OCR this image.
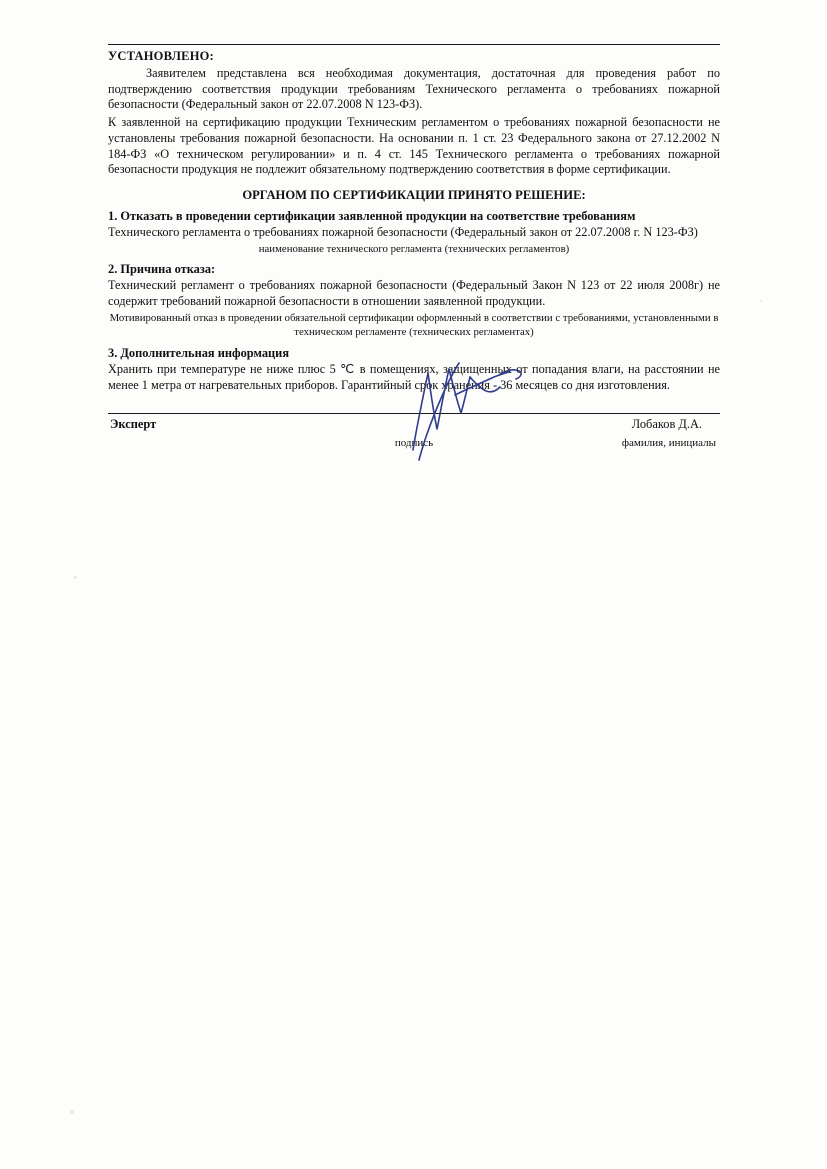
УСТАНОВЛЕНО:

Заявителем представлена вся необходимая документация, достаточная для проведения работ по подтверждению соответствия продукции требованиям Технического регламента о требованиях пожарной безопасности (Федеральный закон от 22.07.2008 N 123-ФЗ).

К заявленной на сертификацию продукции Техническим регламентом о требованиях пожарной безопасности не установлены требования пожарной безопасности. На основании п. 1 ст. 23 Федерального закона от 27.12.2002 N 184-ФЗ «О техническом регулировании» и п. 4 ст. 145 Технического регламента о требованиях пожарной безопасности продукция не подлежит обязательному подтверждению соответствия в форме сертификации.

ОРГАНОМ ПО СЕРТИФИКАЦИИ ПРИНЯТО РЕШЕНИЕ:
1. Отказать в проведении сертификации заявленной продукции на соответствие требованиям

Технического регламента о требованиях пожарной безопасности (Федеральный закон от 22.07.2008 г. N 123-ФЗ)

наименование технического регламента (технических регламентов)
2. Причина отказа:

Технический регламент о требованиях пожарной безопасности (Федеральный Закон N 123 от 22 июля 2008г) не содержит требований пожарной безопасности в отношении заявленной продукции.

Мотивированный отказ в проведении обязательной сертификации оформленный в соответствии с требованиями, установленными в
техническом регламенте (технических регламентах)
3. Дополнительная информация

Хранить при температуре не ниже плюс 5 ℃ в помещениях, защищенных от попадания влаги, на расстоянии не менее 1 метра от нагревательных приборов. Гарантийный срок хранения - 36 месяцев со дня изготовления.

Эксперт
подпись
Лобаков Д.А.
фамилия, инициалы
